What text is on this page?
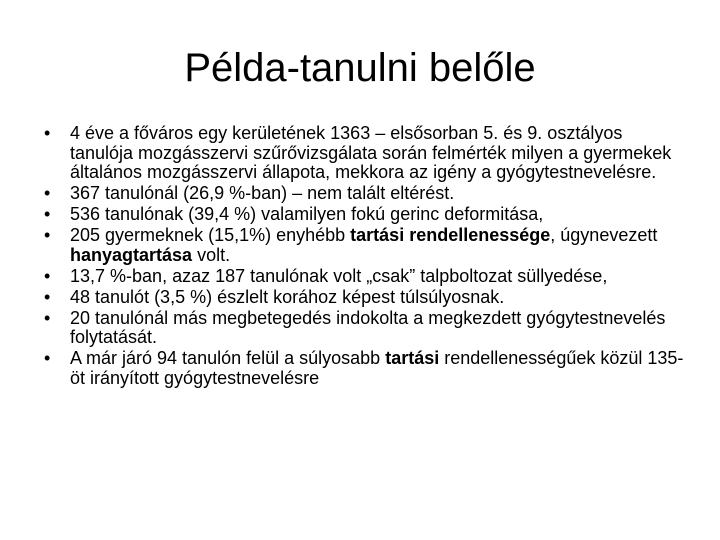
Példa-tanulni belőle
•	4 éve a főváros egy kerületének 1363 – elsősorban 5. és 9. osztályos tanulója mozgásszervi szűrővizsgálata során felmérték milyen a gyermekek általános mozgásszervi állapota, mekkora az igény a gyógytestnevelésre.
•	367 tanulónál (26,9 %-ban) – nem talált eltérést.
•	536 tanulónak (39,4 %) valamilyen fokú gerinc deformitása,
•	205 gyermeknek (15,1%) enyhébb tartási rendellenessége, úgynevezett hanyagtartása volt.
•	13,7 %-ban, azaz 187 tanulónak volt „csak” talpboltozat süllyedése,
•	48 tanulót (3,5 %) észlelt korához képest túlsúlyosnak.
•	20 tanulónál más megbetegedés indokolta a megkezdett gyógytestnevelés folytatását.
•	A már járó 94 tanulón felül a súlyosabb tartási rendellenességűek közül 135-öt irányított gyógytestnevelésre
